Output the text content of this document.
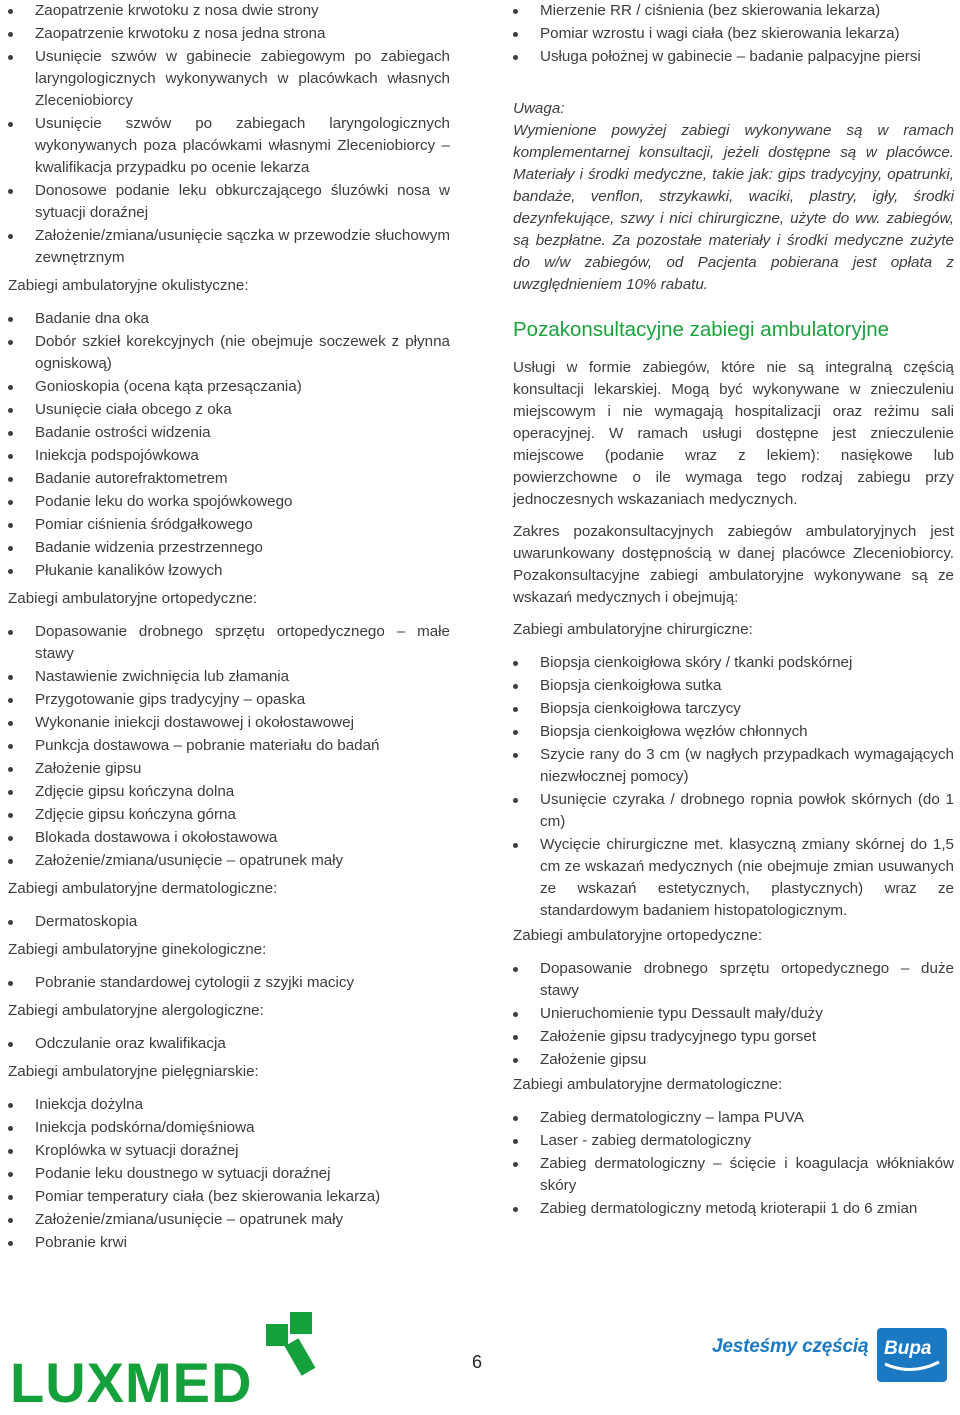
Zaopatrzenie krwotoku z nosa dwie strony
Zaopatrzenie krwotoku z nosa jedna strona
Usunięcie szwów w gabinecie zabiegowym po zabiegach laryngologicznych wykonywanych w placówkach własnych Zleceniobiorcy
Usunięcie szwów po zabiegach laryngologicznych wykonywanych poza placówkami własnymi Zleceniobiorcy – kwalifikacja przypadku po ocenie lekarza
Donosowe podanie leku obkurczającego śluzówki nosa w sytuacji doraźnej
Założenie/zmiana/usunięcie sączka w przewodzie słuchowym zewnętrznym
Zabiegi ambulatoryjne okulistyczne:
Badanie dna oka
Dobór szkieł korekcyjnych (nie obejmuje soczewek z płynna ogniskową)
Gonioskopia (ocena kąta przesączania)
Usunięcie ciała obcego z oka
Badanie ostrości widzenia
Iniekcja podspojówkowa
Badanie autorefraktometrem
Podanie leku do worka spojówkowego
Pomiar ciśnienia śródgałkowego
Badanie widzenia przestrzennego
Płukanie kanalików łzowych
Zabiegi ambulatoryjne ortopedyczne:
Dopasowanie drobnego sprzętu ortopedycznego – małe stawy
Nastawienie zwichnięcia lub złamania
Przygotowanie gips tradycyjny – opaska
Wykonanie iniekcji dostawowej i okołostawowej
Punkcja dostawowa – pobranie materiału do badań
Założenie gipsu
Zdjęcie gipsu kończyna dolna
Zdjęcie gipsu kończyna górna
Blokada dostawowa i okołostawowa
Założenie/zmiana/usunięcie – opatrunek mały
Zabiegi ambulatoryjne dermatologiczne:
Dermatoskopia
Zabiegi ambulatoryjne ginekologiczne:
Pobranie standardowej cytologii z szyjki macicy
Zabiegi ambulatoryjne alergologiczne:
Odczulanie oraz kwalifikacja
Zabiegi ambulatoryjne pielęgniarskie:
Iniekcja dożylna
Iniekcja podskórna/domięśniowa
Kroplówka w sytuacji doraźnej
Podanie leku doustnego w sytuacji doraźnej
Pomiar temperatury ciała (bez skierowania lekarza)
Założenie/zmiana/usunięcie – opatrunek mały
Pobranie krwi
Mierzenie RR / ciśnienia (bez skierowania lekarza)
Pomiar wzrostu i wagi ciała (bez skierowania lekarza)
Usługa położnej w gabinecie – badanie palpacyjne piersi
Uwaga:
Wymienione powyżej zabiegi wykonywane są w ramach komplementarnej konsultacji, jeżeli dostępne są w placówce. Materiały i środki medyczne, takie jak: gips tradycyjny, opatrunki, bandaże, venflon, strzykawki, waciki, plastry, igły, środki dezynfekujące, szwy i nici chirurgiczne, użyte do ww. zabiegów, są bezpłatne. Za pozostałe materiały i środki medyczne zużyte do w/w zabiegów, od Pacjenta pobierana jest opłata z uwzględnieniem 10% rabatu.
Pozakonsultacyjne zabiegi ambulatoryjne

Usługi w formie zabiegów, które nie są integralną częścią konsultacji lekarskiej. Mogą być wykonywane w znieczuleniu miejscowym i nie wymagają hospitalizacji oraz reżimu sali operacyjnej. W ramach usługi dostępne jest znieczulenie miejscowe (podanie wraz z lekiem): nasiękowe lub powierzchowne o ile wymaga tego rodzaj zabiegu przy jednoczesnych wskazaniach medycznych.

Zakres pozakonsultacyjnych zabiegów ambulatoryjnych jest uwarunkowany dostępnością w danej placówce Zleceniobiorcy. Pozakonsultacyjne zabiegi ambulatoryjne wykonywane są ze wskazań medycznych i obejmują:

Zabiegi ambulatoryjne chirurgiczne:
Biopsja cienkoigłowa skóry / tkanki podskórnej
Biopsja cienkoigłowa sutka
Biopsja cienkoigłowa tarczycy
Biopsja cienkoigłowa węzłów chłonnych
Szycie rany do 3 cm (w nagłych przypadkach wymagających niezwłocznej pomocy)
Usunięcie czyraka / drobnego ropnia powłok skórnych (do 1 cm)
Wycięcie chirurgiczne met. klasyczną zmiany skórnej do 1,5 cm ze wskazań medycznych (nie obejmuje zmian usuwanych ze wskazań estetycznych, plastycznych) wraz ze standardowym badaniem histopatologicznym.
Zabiegi ambulatoryjne ortopedyczne:
Dopasowanie drobnego sprzętu ortopedycznego – duże stawy
Unieruchomienie typu Dessault mały/duży
Założenie gipsu tradycyjnego typu gorset
Założenie gipsu
Zabiegi ambulatoryjne dermatologiczne:
Zabieg dermatologiczny – lampa PUVA
Laser - zabieg dermatologiczny
Zabieg dermatologiczny – ścięcie i koagulacja włókniaków skóry
Zabieg dermatologiczny metodą krioterapii 1 do 6 zmian
LUXMED	6
Jesteśmy częścią Bupa
